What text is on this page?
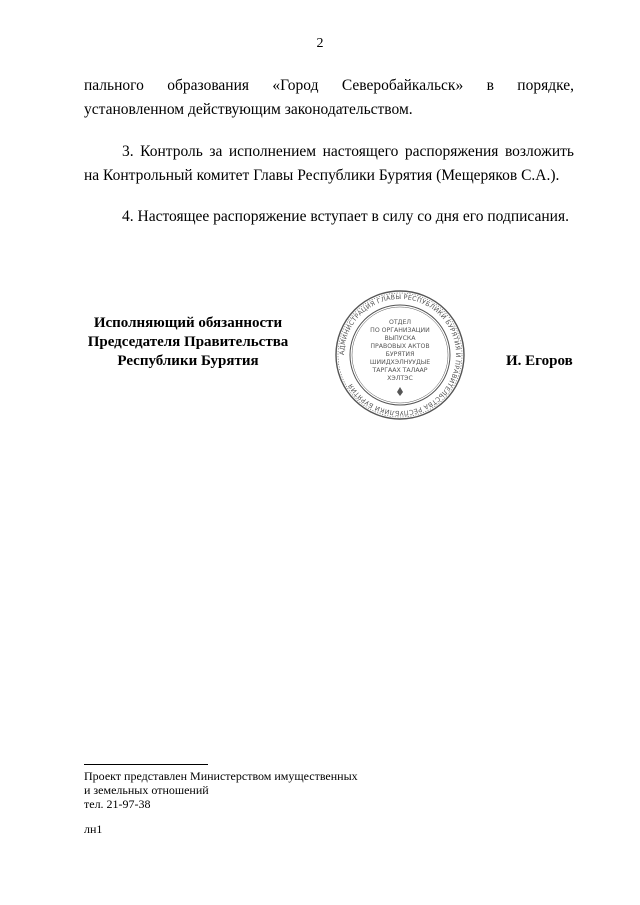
2

пального образования «Город Северобайкальск» в порядке, установленном действующим законодательством.

3. Контроль за исполнением настоящего распоряжения возложить на Контрольный комитет Главы Республики Бурятия (Мещеряков С.А.).

4. Настоящее распоряжение вступает в силу со дня его подписания.

Исполняющий обязанности
Председателя Правительства
Республики Бурятия
АДМИНИСТРАЦИЯ ГЛАВЫ РЕСПУБЛИКИ БУРЯТИЯ И ПРАВИТЕЛЬСТВА РЕСПУБЛИКИ БУРЯТИЯ
ОТДЕЛ
ПО ОРГАНИЗАЦИИ
ВЫПУСКА
ПРАВОВЫХ АКТОВ
БУРЯТИЯ
ШИИДХЭЛНУУДЫЕ
ТАРГААХ ТАЛААР
ХЭЛТЭС
И. Егоров
Проект представлен Министерством имущественных
и земельных отношений
тел. 21-97-38
лн1
